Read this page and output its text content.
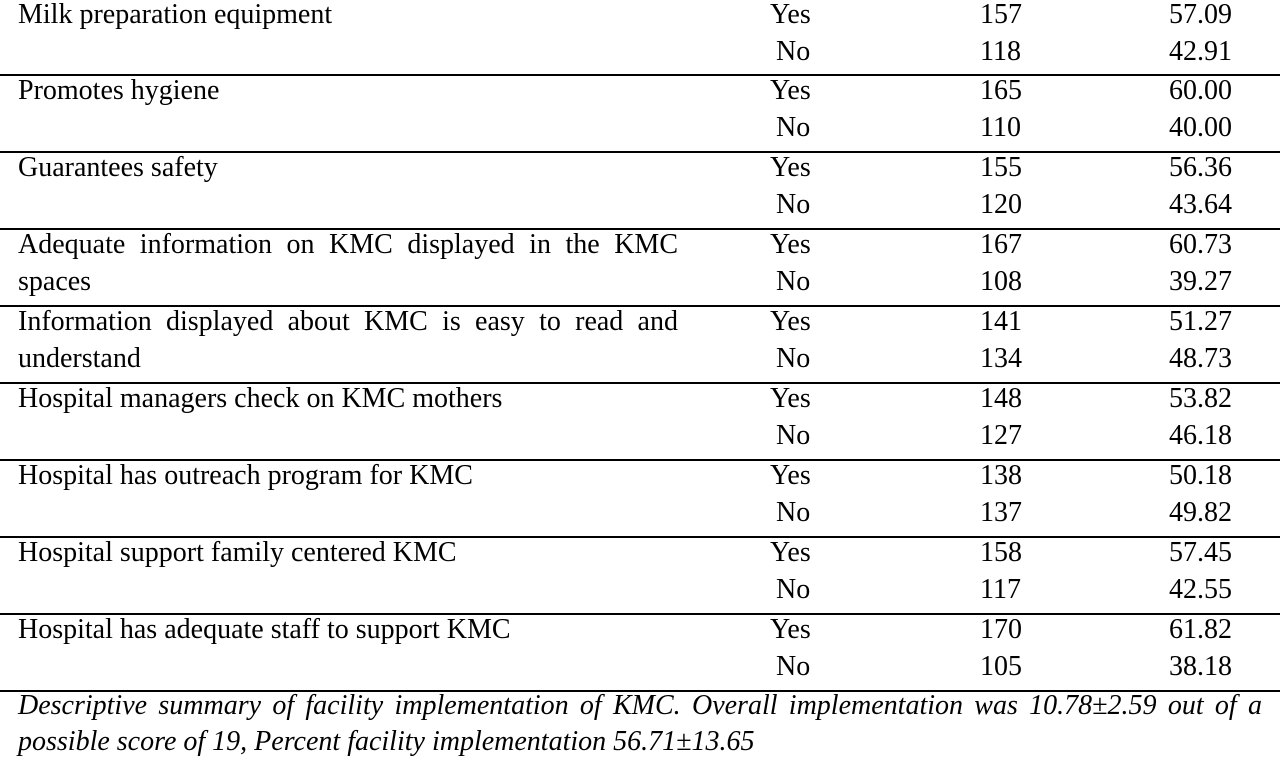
Milk preparation equipment	Yes	157	57.09
No	118	42.91
Promotes hygiene	Yes	165	60.00
No	110	40.00
Guarantees safety	Yes	155	56.36
No	120	43.64
Adequate information on KMC displayed in the KMC spaces
Yes	167	60.73
No	108	39.27
Information displayed about KMC is easy to read and understand
Yes	141	51.27
No	134	48.73
Hospital managers check on KMC mothers	Yes	148	53.82
No	127	46.18
Hospital has outreach program for KMC	Yes	138	50.18
No	137	49.82
Hospital support family centered KMC	Yes	158	57.45
No	117	42.55
Hospital has adequate staff to support KMC	Yes	170	61.82
No	105	38.18
Descriptive summary of facility implementation of KMC. Overall implementation was 10.78±2.59 out of a possible score of 19, Percent facility implementation 56.71±13.65
